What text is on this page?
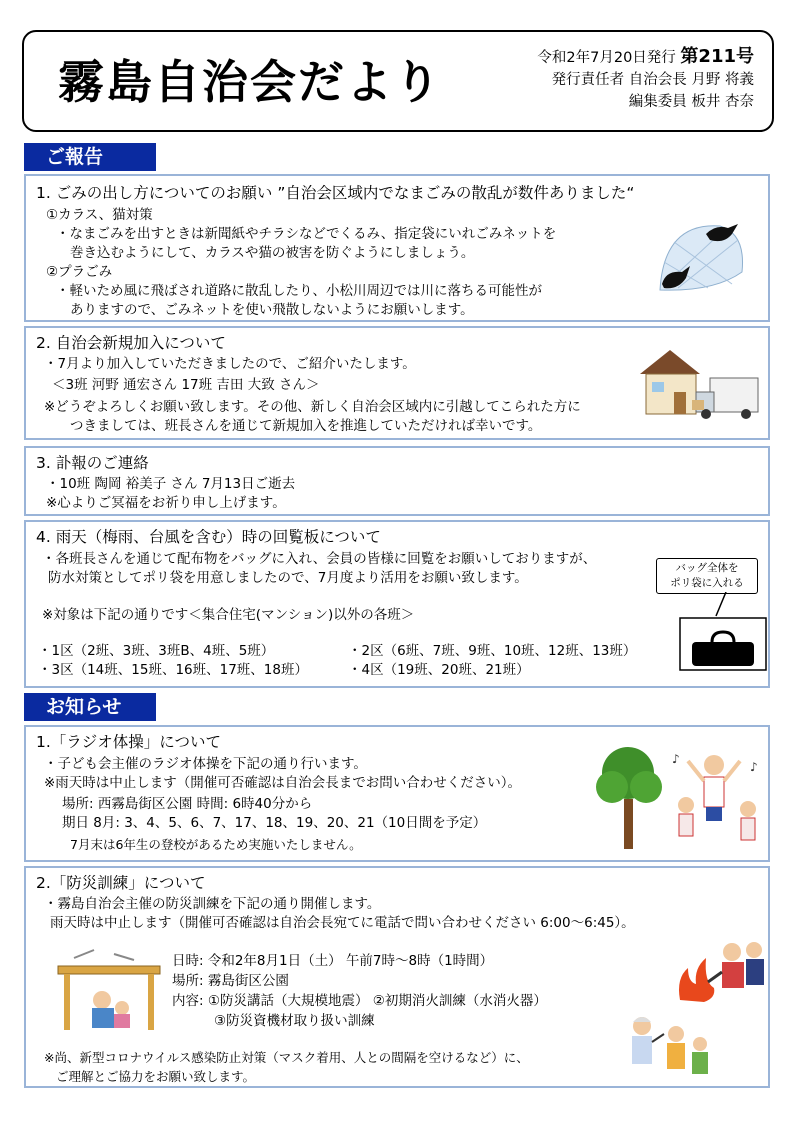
霧島自治会だより	令和2年7月20日発行 第211号
発行責任者 自治会長 月野 将義
編集委員 板井 杏奈
ご報告
1. ごみの出し方についてのお願い ”自治会区域内でなまごみの散乱が数件ありました“
①カラス、猫対策
・なまごみを出すときは新聞紙やチラシなどでくるみ、指定袋にいれごみネットを
巻き込むようにして、カラスや猫の被害を防ぐようにしましょう。
②プラごみ
・軽いため風に飛ばされ道路に散乱したり、小松川周辺では川に落ちる可能性が
ありますので、ごみネットを使い飛散しないようにお願いします。
2. 自治会新規加入について
・7月より加入していただきましたので、ご紹介いたします。
＜3班 河野 通宏さん 17班 吉田 大致 さん＞
※どうぞよろしくお願い致します。その他、新しく自治会区域内に引越してこられた方に
つきましては、班長さんを通じて新規加入を推進していただければ幸いです。
3. 訃報のご連絡
・10班 陶岡 裕美子 さん 7月13日ご逝去
※心よりご冥福をお祈り申し上げます。
4. 雨天（梅雨、台風を含む）時の回覧板について
・各班長さんを通じて配布物をバッグに入れ、会員の皆様に回覧をお願いしておりますが、
防水対策としてポリ袋を用意しましたので、7月度より活用をお願い致します。
※対象は下記の通りです＜集合住宅(マンション)以外の各班＞
・1区（2班、3班、3班B、4班、5班）	・2区（6班、7班、9班、10班、12班、13班）
・3区（14班、15班、16班、17班、18班）	・4区（19班、20班、21班）
バッグ全体を
ポリ袋に入れる
お知らせ
1.「ラジオ体操」について
・子ども会主催のラジオ体操を下記の通り行います。
※雨天時は中止します（開催可否確認は自治会長までお問い合わせください）。
場所: 西霧島街区公園 時間: 6時40分から
期日 8月: 3、4、5、6、7、17、18、19、20、21（10日間を予定）
7月末は6年生の登校があるため実施いたしません。
♪
♪
2.「防災訓練」について
・霧島自治会主催の防災訓練を下記の通り開催します。
雨天時は中止します（開催可否確認は自治会長宛てに電話で問い合わせください 6:00〜6:45）。
日時: 令和2年8月1日（土） 午前7時〜8時（1時間）
場所: 霧島街区公園
内容: ①防災講話（大規模地震） ②初期消火訓練（水消火器）
③防災資機材取り扱い訓練
※尚、新型コロナウイルス感染防止対策（マスク着用、人との間隔を空けるなど）に、
ご理解とご協力をお願い致します。
